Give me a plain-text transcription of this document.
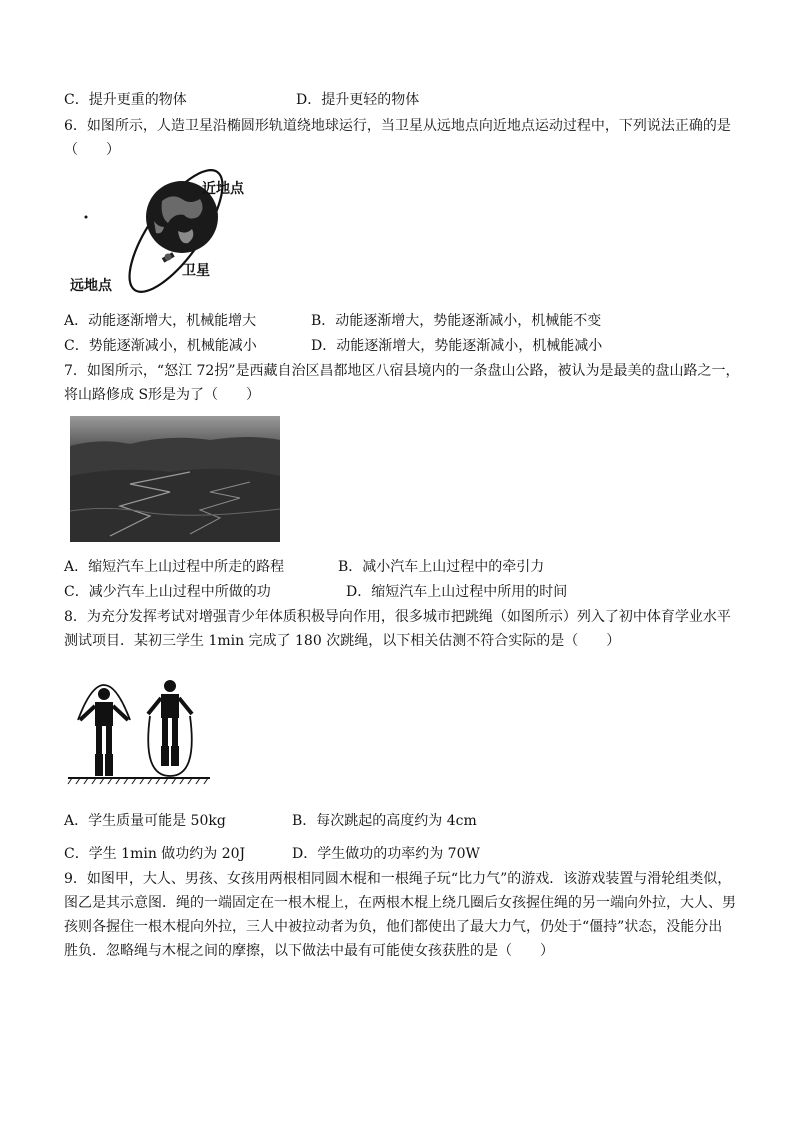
C．提升更重的物体	D．提升更轻的物体
6．如图所示，人造卫星沿椭圆形轨道绕地球运行，当卫星从远地点向近地点运动过程中，下列说法正确的是
（　　）
近地点
卫星
远地点
A．动能逐渐增大，机械能增大	B．动能逐渐增大，势能逐渐减小，机械能不变
C．势能逐渐减小，机械能减小	D．动能逐渐增大，势能逐渐减小，机械能减小
7．如图所示，“怒江 72拐”是西藏自治区昌都地区八宿县境内的一条盘山公路，被认为是最美的盘山路之一，
将山路修成 S形是为了（　　）
A．缩短汽车上山过程中所走的路程	B．减小汽车上山过程中的牵引力
C．减少汽车上山过程中所做的功	D．缩短汽车上山过程中所用的时间
8．为充分发挥考试对增强青少年体质积极导向作用，很多城市把跳绳（如图所示）列入了初中体育学业水平
测试项目．某初三学生 1min 完成了 180 次跳绳，以下相关估测不符合实际的是（　　）
A．学生质量可能是 50kg	B．每次跳起的高度约为 4cm
C．学生 1min 做功约为 20J	D．学生做功的功率约为 70W
9．如图甲，大人、男孩、女孩用两根相同圆木棍和一根绳子玩“比力气”的游戏．该游戏装置与滑轮组类似，
图乙是其示意图．绳的一端固定在一根木棍上，在两根木棍上绕几圈后女孩握住绳的另一端向外拉，大人、男
孩则各握住一根木棍向外拉，三人中被拉动者为负，他们都使出了最大力气，仍处于“僵持”状态，没能分出
胜负．忽略绳与木棍之间的摩擦，以下做法中最有可能使女孩获胜的是（　　）
